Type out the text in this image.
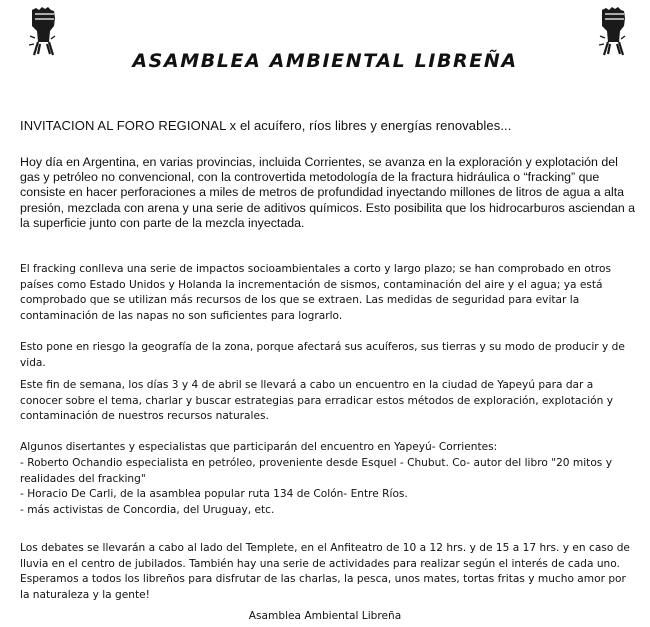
ASAMBLEA AMBIENTAL LIBREÑA
INVITACION AL FORO REGIONAL x el acuífero, ríos libres y energías renovables...

Hoy día en Argentina, en varias provincias, incluida Corrientes, se avanza en la exploración y explotación del gas y petróleo no convencional, con la controvertida metodología de la fractura hidráulica o “fracking” que consiste en hacer perforaciones a miles de metros de profundidad inyectando millones de litros de agua a alta presión, mezclada con arena y una serie de aditivos químicos. Esto posibilita que los hidrocarburos asciendan a la superficie junto con parte de la mezcla inyectada.

El fracking conlleva una serie de impactos socioambientales a corto y largo plazo; se han comprobado en otros países como Estado Unidos y Holanda la incrementación de sismos, contaminación del aire y el agua; ya está comprobado que se utilizan más recursos de los que se extraen. Las medidas de seguridad para evitar la contaminación de las napas no son suficientes para lograrlo.

Esto pone en riesgo la geografía de la zona, porque afectará sus acuíferos, sus tierras y su modo de producir y de vida.

Este fin de semana, los días 3 y 4 de abril se llevará a cabo un encuentro en la ciudad de Yapeyú para dar a conocer sobre el tema, charlar y buscar estrategias para erradicar estos métodos de exploración, explotación y contaminación de nuestros recursos naturales.

Algunos disertantes y especialistas que participarán del encuentro en Yapeyú- Corrientes:

- Roberto Ochandio especialista en petróleo, proveniente desde Esquel - Chubut. Co- autor del libro "20 mitos y realidades del fracking"
- Horacio De Carli, de la asamblea popular ruta 134 de Colón- Entre Ríos.
- más activistas de Concordia, del Uruguay, etc.

Los debates se llevarán a cabo al lado del Templete, en el Anfiteatro de 10 a 12 hrs. y de 15 a 17 hrs. y en caso de lluvia en el centro de jubilados. También hay una serie de actividades para realizar según el interés de cada uno. Esperamos a todos los libreños para disfrutar de las charlas, la pesca, unos mates, tortas fritas y mucho amor por la naturaleza y la gente!

Asamblea Ambiental Libreña
